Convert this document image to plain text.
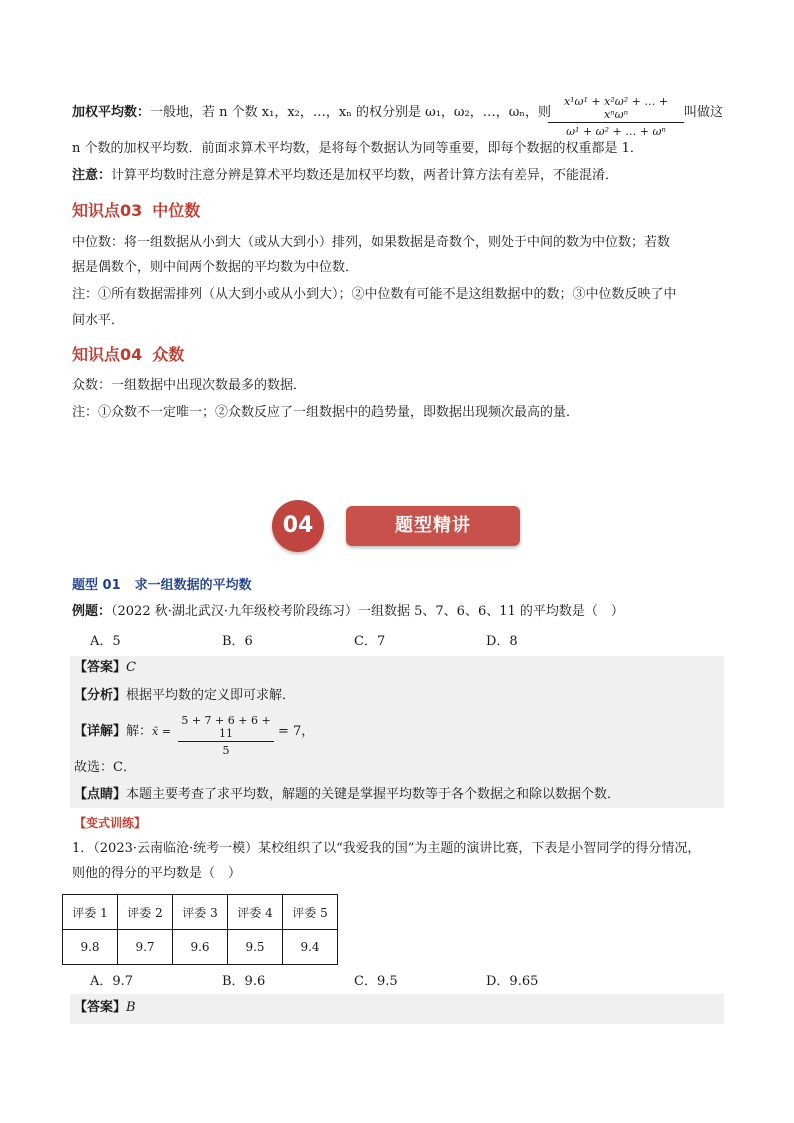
加权平均数：一般地，若 n 个数 x₁，x₂，…，xₙ 的权分别是 ω₁，ω₂，…，ωₙ，则
x¹ω¹ + x²ω² + … + xⁿωⁿ
ω¹ + ω² + … + ωⁿ
叫做这
n 个数的加权平均数．前面求算术平均数，是将每个数据认为同等重要，即每个数据的权重都是 1．
注意：计算平均数时注意分辨是算术平均数还是加权平均数，两者计算方法有差异，不能混淆．
知识点03 中位数
中位数：将一组数据从小到大（或从大到小）排列，如果数据是奇数个，则处于中间的数为中位数；若数
据是偶数个，则中间两个数据的平均数为中位数．
注：①所有数据需排列（从大到小或从小到大）；②中位数有可能不是这组数据中的数；③中位数反映了中
间水平．
知识点04 众数
众数：一组数据中出现次数最多的数据．
注：①众数不一定唯一；②众数反应了一组数据中的趋势量，即数据出现频次最高的量．
04	题型精讲
题型 01 求一组数据的平均数
例题：（2022 秋·湖北武汉·九年级校考阶段练习）一组数据 5、7、6、6、11 的平均数是（　）
A．5	B．6	C．7	D．8
【答案】C
【分析】根据平均数的定义即可求解．
【详解】解：x̄ = $\frac{5 + 7 + 6 + 6 + 11}{5} = 7$，
故选：C．
【点睛】本题主要考查了求平均数，解题的关键是掌握平均数等于各个数据之和除以数据个数．
【变式训练】
1．（2023·云南临沧·统考一模）某校组织了以“我爱我的国”为主题的演讲比赛，下表是小智同学的得分情况，
则他的得分的平均数是（　）
评委 1	评委 2	评委 3	评委 4	评委 5
9.8	9.7	9.6	9.5	9.4
A．9.7	B．9.6	C．9.5	D．9.65
【答案】B
